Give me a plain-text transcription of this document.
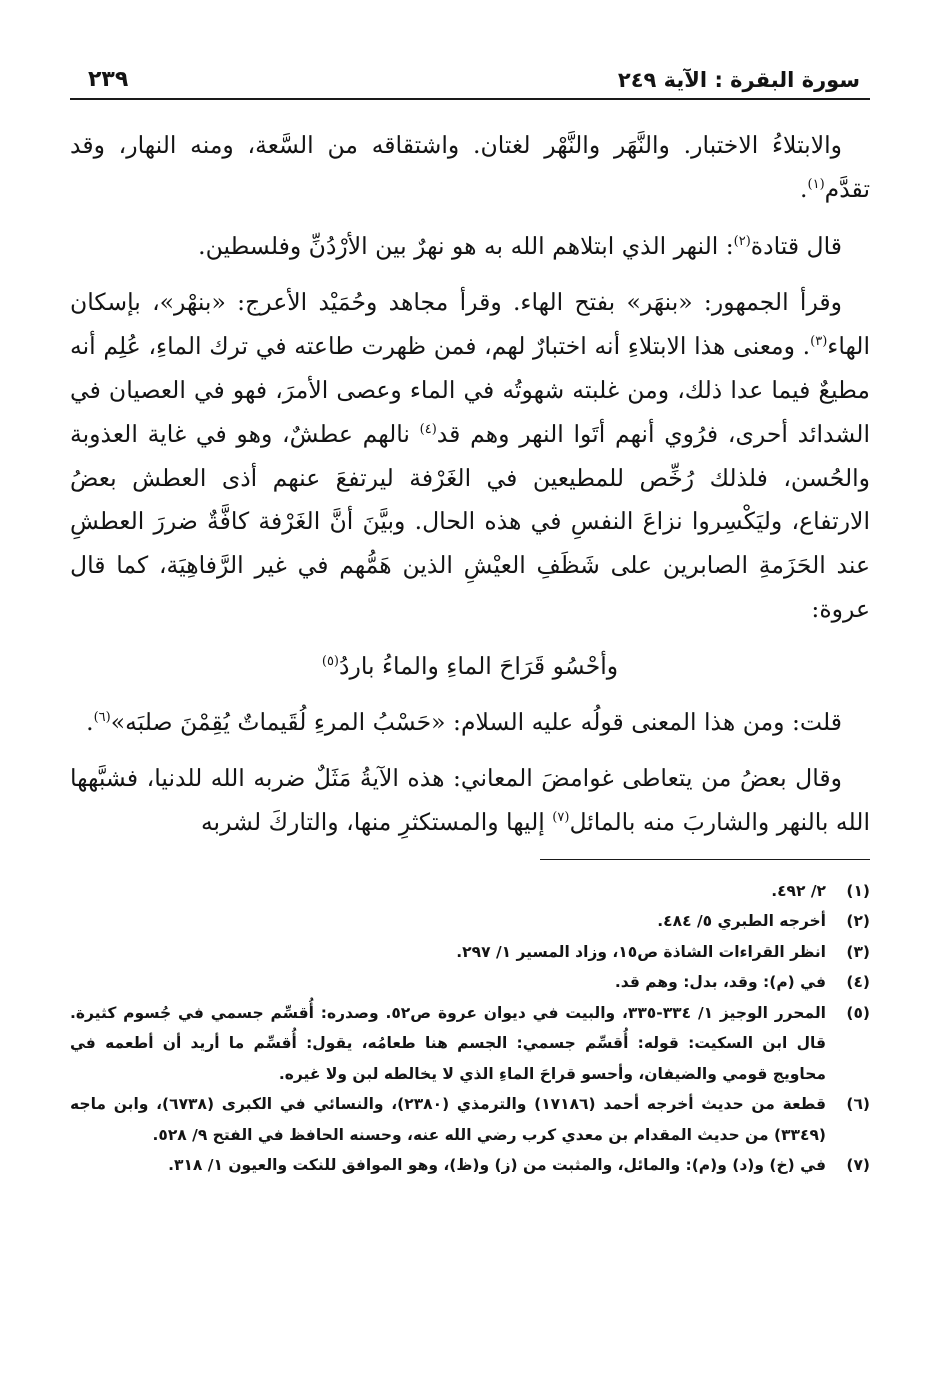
سورة البقرة : الآية ٢٤٩
٢٣٩

والابتلاءُ الاختبار. والنَّهَر والنَّهْر لغتان. واشتقاقه من السَّعة، ومنه النهار، وقد تقدَّم$^{(١)}$.

قال قتادة$^{(٢)}$: النهر الذي ابتلاهم الله به هو نهرٌ بين الأرْدُنِّ وفلسطين.

وقرأ الجمهور: «بنهَر» بفتح الهاء. وقرأ مجاهد وحُمَيْد الأعرج: «بنهْر»، بإسكان الهاء$^{(٣)}$. ومعنى هذا الابتلاءِ أنه اختبارٌ لهم، فمن ظهرت طاعته في ترك الماءِ، عُلِم أنه مطيعٌ فيما عدا ذلك، ومن غلبته شهوتُه في الماء وعصى الأمرَ، فهو في العصيان في الشدائد أحرى، فرُوي أنهم أتَوا النهر وهم قد$^{(٤)}$ نالهم عطشٌ، وهو في غاية العذوبة والحُسن، فلذلك رُخِّص للمطيعين في الغَرْفة ليرتفعَ عنهم أذى العطش بعضُ الارتفاع، وليَكْسِروا نزاعَ النفسِ في هذه الحال. وبيَّنَ أنَّ الغَرْفة كافَّةٌ ضررَ العطشِ عند الحَزَمةِ الصابرين على شَظَفِ العيْشِ الذين هَمُّهم في غير الرَّفاهِيَة، كما قال عروة:

وأحْسُو قَرَاحَ الماءِ والماءُ باردُ$^{(٥)}$

قلت: ومن هذا المعنى قولُه عليه السلام: «حَسْبُ المرءِ لُقَيماتٌ يُقِمْنَ صلبَه»$^{(٦)}$.

وقال بعضُ من يتعاطى غوامضَ المعاني: هذه الآيةُ مَثَلٌ ضربه الله للدنيا، فشبَّهها الله بالنهر والشاربَ منه بالمائل$^{(٧)}$ إليها والمستكثرِ منها، والتاركَ لشربه

(١)
٢/ ٤٩٢.
(٢)
أخرجه الطبري ٥/ ٤٨٤.
(٣)
انظر القراءات الشاذة ص١٥، وزاد المسير ١/ ٢٩٧.
(٤)
في (م): وقد، بدل: وهم قد.
(٥)
المحرر الوجيز ١/ ٣٣٤-٣٣٥، والبيت في ديوان عروة ص٥٢. وصدره: أُقسِّم جسمي في جُسوم كثيرة. قال ابن السكيت: قوله: أُقسِّم جسمي: الجسم هنا طعامُه، يقول: أُقسِّم ما أريد أن أطعمه في محاويج قومي والضيفان، وأحسو قراحَ الماءِ الذي لا يخالطه لبن ولا غيره.
(٦)
قطعة من حديث أخرجه أحمد (١٧١٨٦) والترمذي (٢٣٨٠)، والنسائي في الكبرى (٦٧٣٨)، وابن ماجه (٣٣٤٩) من حديث المقدام بن معدي كرب رضي الله عنه، وحسنه الحافظ في الفتح ٩/ ٥٢٨.
(٧)
في (خ) و(د) و(م): والمائل، والمثبت من (ز) و(ظ)، وهو الموافق للنكت والعيون ١/ ٣١٨.
